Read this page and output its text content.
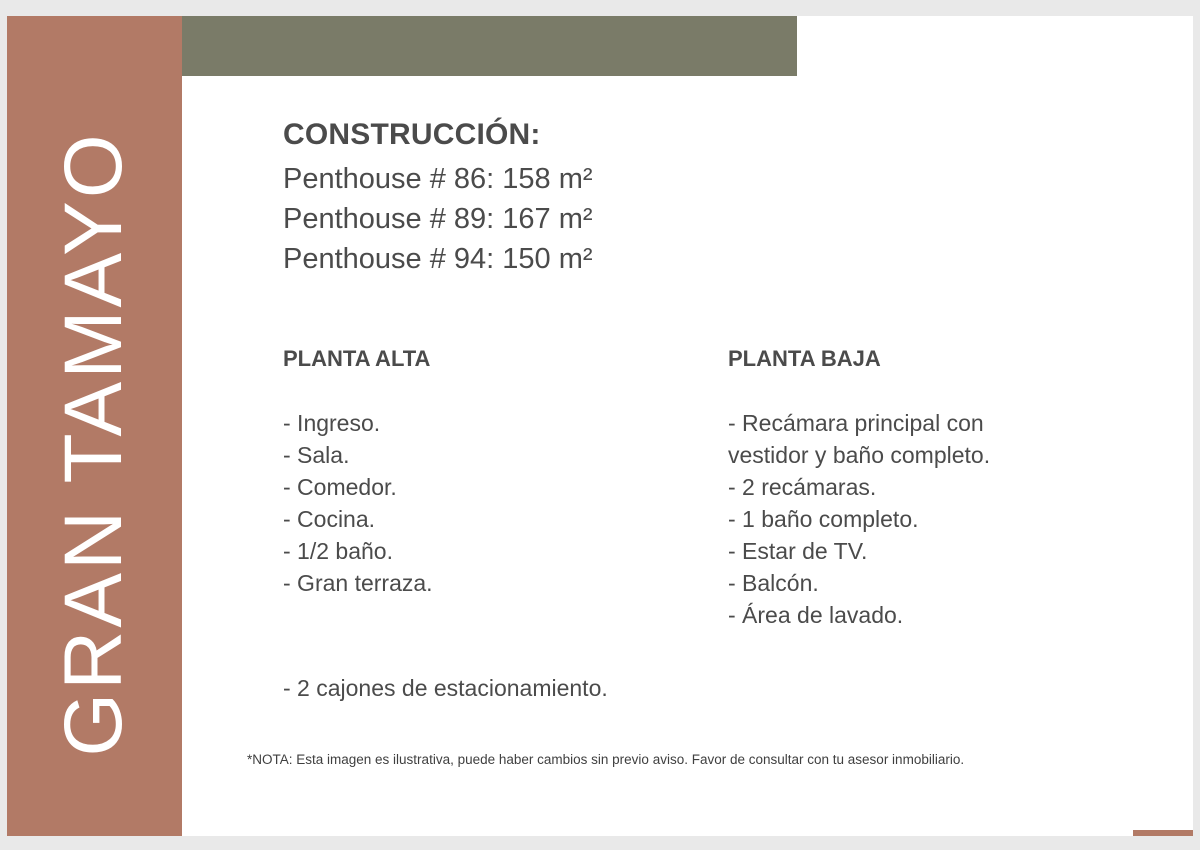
GRAN TAMAYO	CONSTRUCCIÓN:
Penthouse # 86: 158 m²
Penthouse # 89: 167 m²
Penthouse # 94: 150 m²
PLANTA ALTA
- Ingreso.
- Sala.
- Comedor.
- Cocina.
- 1/2 baño.
- Gran terraza.
PLANTA BAJA
- Recámara principal con vestidor y baño completo.
- 2 recámaras.
- 1 baño completo.
- Estar de TV.
- Balcón.
- Área de lavado.
- 2 cajones de estacionamiento.
*NOTA: Esta imagen es ilustrativa, puede haber cambios sin previo aviso. Favor de consultar con tu asesor inmobiliario.
